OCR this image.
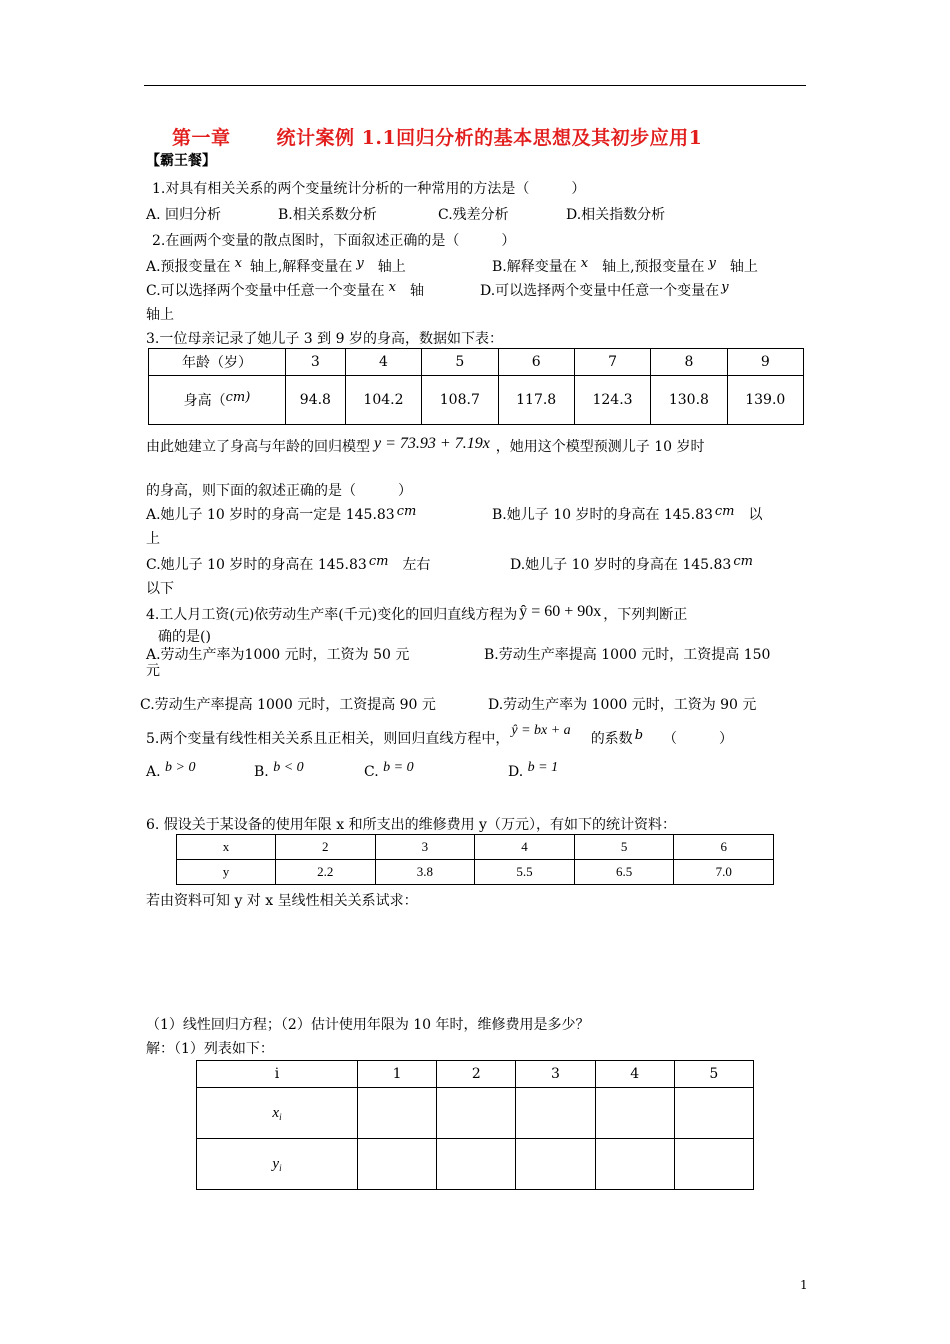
第一章 统计案例 1.1回归分析的基本思想及其初步应用1
【霸王餐】
1.对具有相关关系的两个变量统计分析的一种常用的方法是（　　　）
A. 回归分析	B.相关系数分析	C.残差分析	D.相关指数分析
2.在画两个变量的散点图时，下面叙述正确的是（　　　）
A.预报变量在 x 轴上,解释变量在 y 轴上	B.解释变量在 x 轴上,预报变量在 y 轴上
C.可以选择两个变量中任意一个变量在 x 轴	D.可以选择两个变量中任意一个变量在 y
轴上
3.一位母亲记录了她儿子 3 到 9 岁的身高，数据如下表：
年龄（岁）	3	4	5	6	7	8	9
身高（cm)	94.8	104.2	108.7	117.8	124.3	130.8	139.0
由此她建立了身高与年龄的回归模型 y = 73.93 + 7.19x ，她用这个模型预测儿子 10 岁时
的身高，则下面的叙述正确的是（　　　）
A.她儿子 10 岁时的身高一定是 145.83 cm	B.她儿子 10 岁时的身高在 145.83 cm 以
上
C.她儿子 10 岁时的身高在 145.83 cm 左右	D.她儿子 10 岁时的身高在 145.83 cm
以下
4.工人月工资(元)依劳动生产率(千元)变化的回归直线方程为 ŷ = 60 + 90x ，下列判断正
确的是()
A.劳动生产率为1000 元时，工资为 50 元	B.劳动生产率提高 1000 元时，工资提高 150
元
C.劳动生产率提高 1000 元时，工资提高 90 元	D.劳动生产率为 1000 元时，工资为 90 元
5.两个变量有线性相关关系且正相关，则回归直线方程中，ŷ = bx + a的系数 b （　　　）
A. b > 0	B. b < 0	C. b = 0	D. b = 1
6. 假设关于某设备的使用年限 x 和所支出的维修费用 y（万元），有如下的统计资料：
x	2	3	4	5	6
y	2.2	3.8	5.5	6.5	7.0
若由资料可知 y 对 x 呈线性相关关系试求：
（1）线性回归方程；（2）估计使用年限为 10 年时，维修费用是多少？
解：（1）列表如下：
i	1	2	3	4	5
$x_i$					
$y_i$					
1
